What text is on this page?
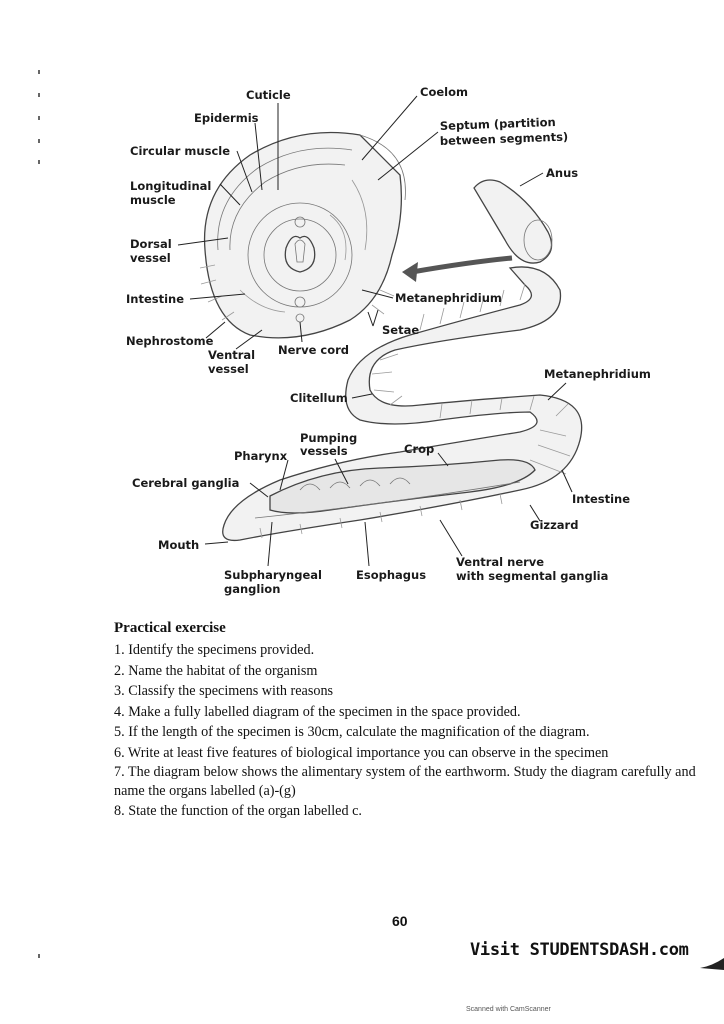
Cuticle
Epidermis
Circular muscle
Longitudinal
muscle
Dorsal
vessel
Intestine
Nephrostome
Ventral
vessel
Nerve cord
Setae
Metanephridium
Coelom
Septum (partition
between segments)
Anus
Metanephridium
Clitellum
Pumping
vessels
Pharynx	Crop
Cerebral ganglia
Intestine
Gizzard
Mouth
Subpharyngeal
ganglion
Esophagus
Ventral nerve
with segmental ganglia
Practical exercise
1. Identify the specimens provided.
2. Name the habitat of the organism
3. Classify the specimens with reasons
4. Make a fully labelled diagram of the specimen in the space provided.
5. If the length of the specimen is 30cm, calculate the magnification of the diagram.
6. Write at least five features of biological importance you can observe in the specimen
7. The diagram below shows the alimentary system of the earthworm. Study the diagram carefully and name the organs labelled (a)-(g)
8. State the function of the organ labelled c.
60
Visit STUDENTSDASH.com
Scanned with CamScanner
